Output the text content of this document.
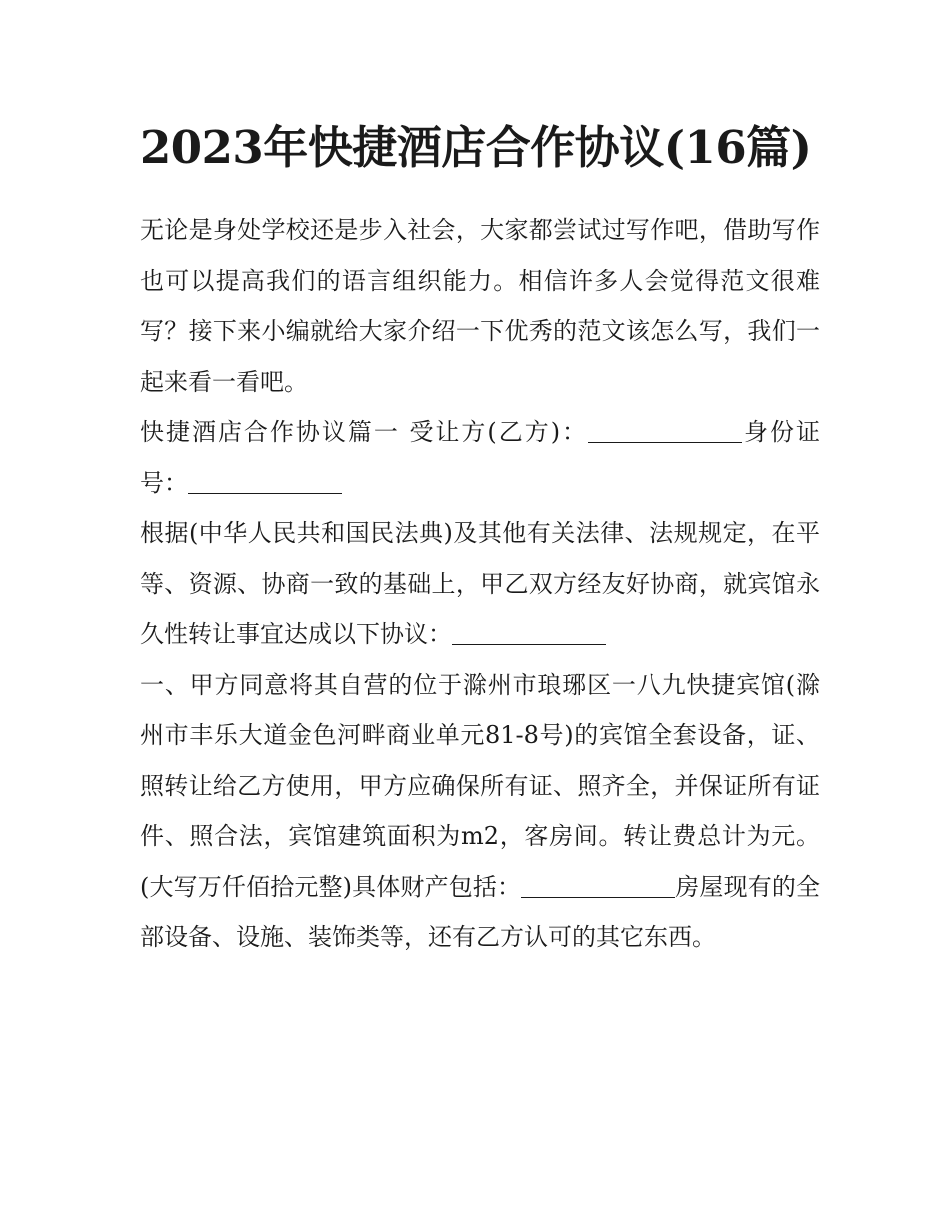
2023年快捷酒店合作协议(16篇)

无论是身处学校还是步入社会，大家都尝试过写作吧，借助写作也可以提高我们的语言组织能力。相信许多人会觉得范文很难写？接下来小编就给大家介绍一下优秀的范文该怎么写，我们一起来看一看吧。

快捷酒店合作协议篇一 受让方(乙方)：	身份证号：

根据(中华人民共和国民法典)及其他有关法律、法规规定，在平等、资源、协商一致的基础上，甲乙双方经友好协商，就宾馆永久性转让事宜达成以下协议：

一、甲方同意将其自营的位于滁州市琅琊区一八九快捷宾馆(滁州市丰乐大道金色河畔商业单元81-8号)的宾馆全套设备，证、照转让给乙方使用，甲方应确保所有证、照齐全，并保证所有证件、照合法，宾馆建筑面积为m2，客房间。转让费总计为元。(大写万仟佰拾元整)具体财产包括：	房屋现有的全部设备、设施、装饰类等，还有乙方认可的其它东西。
